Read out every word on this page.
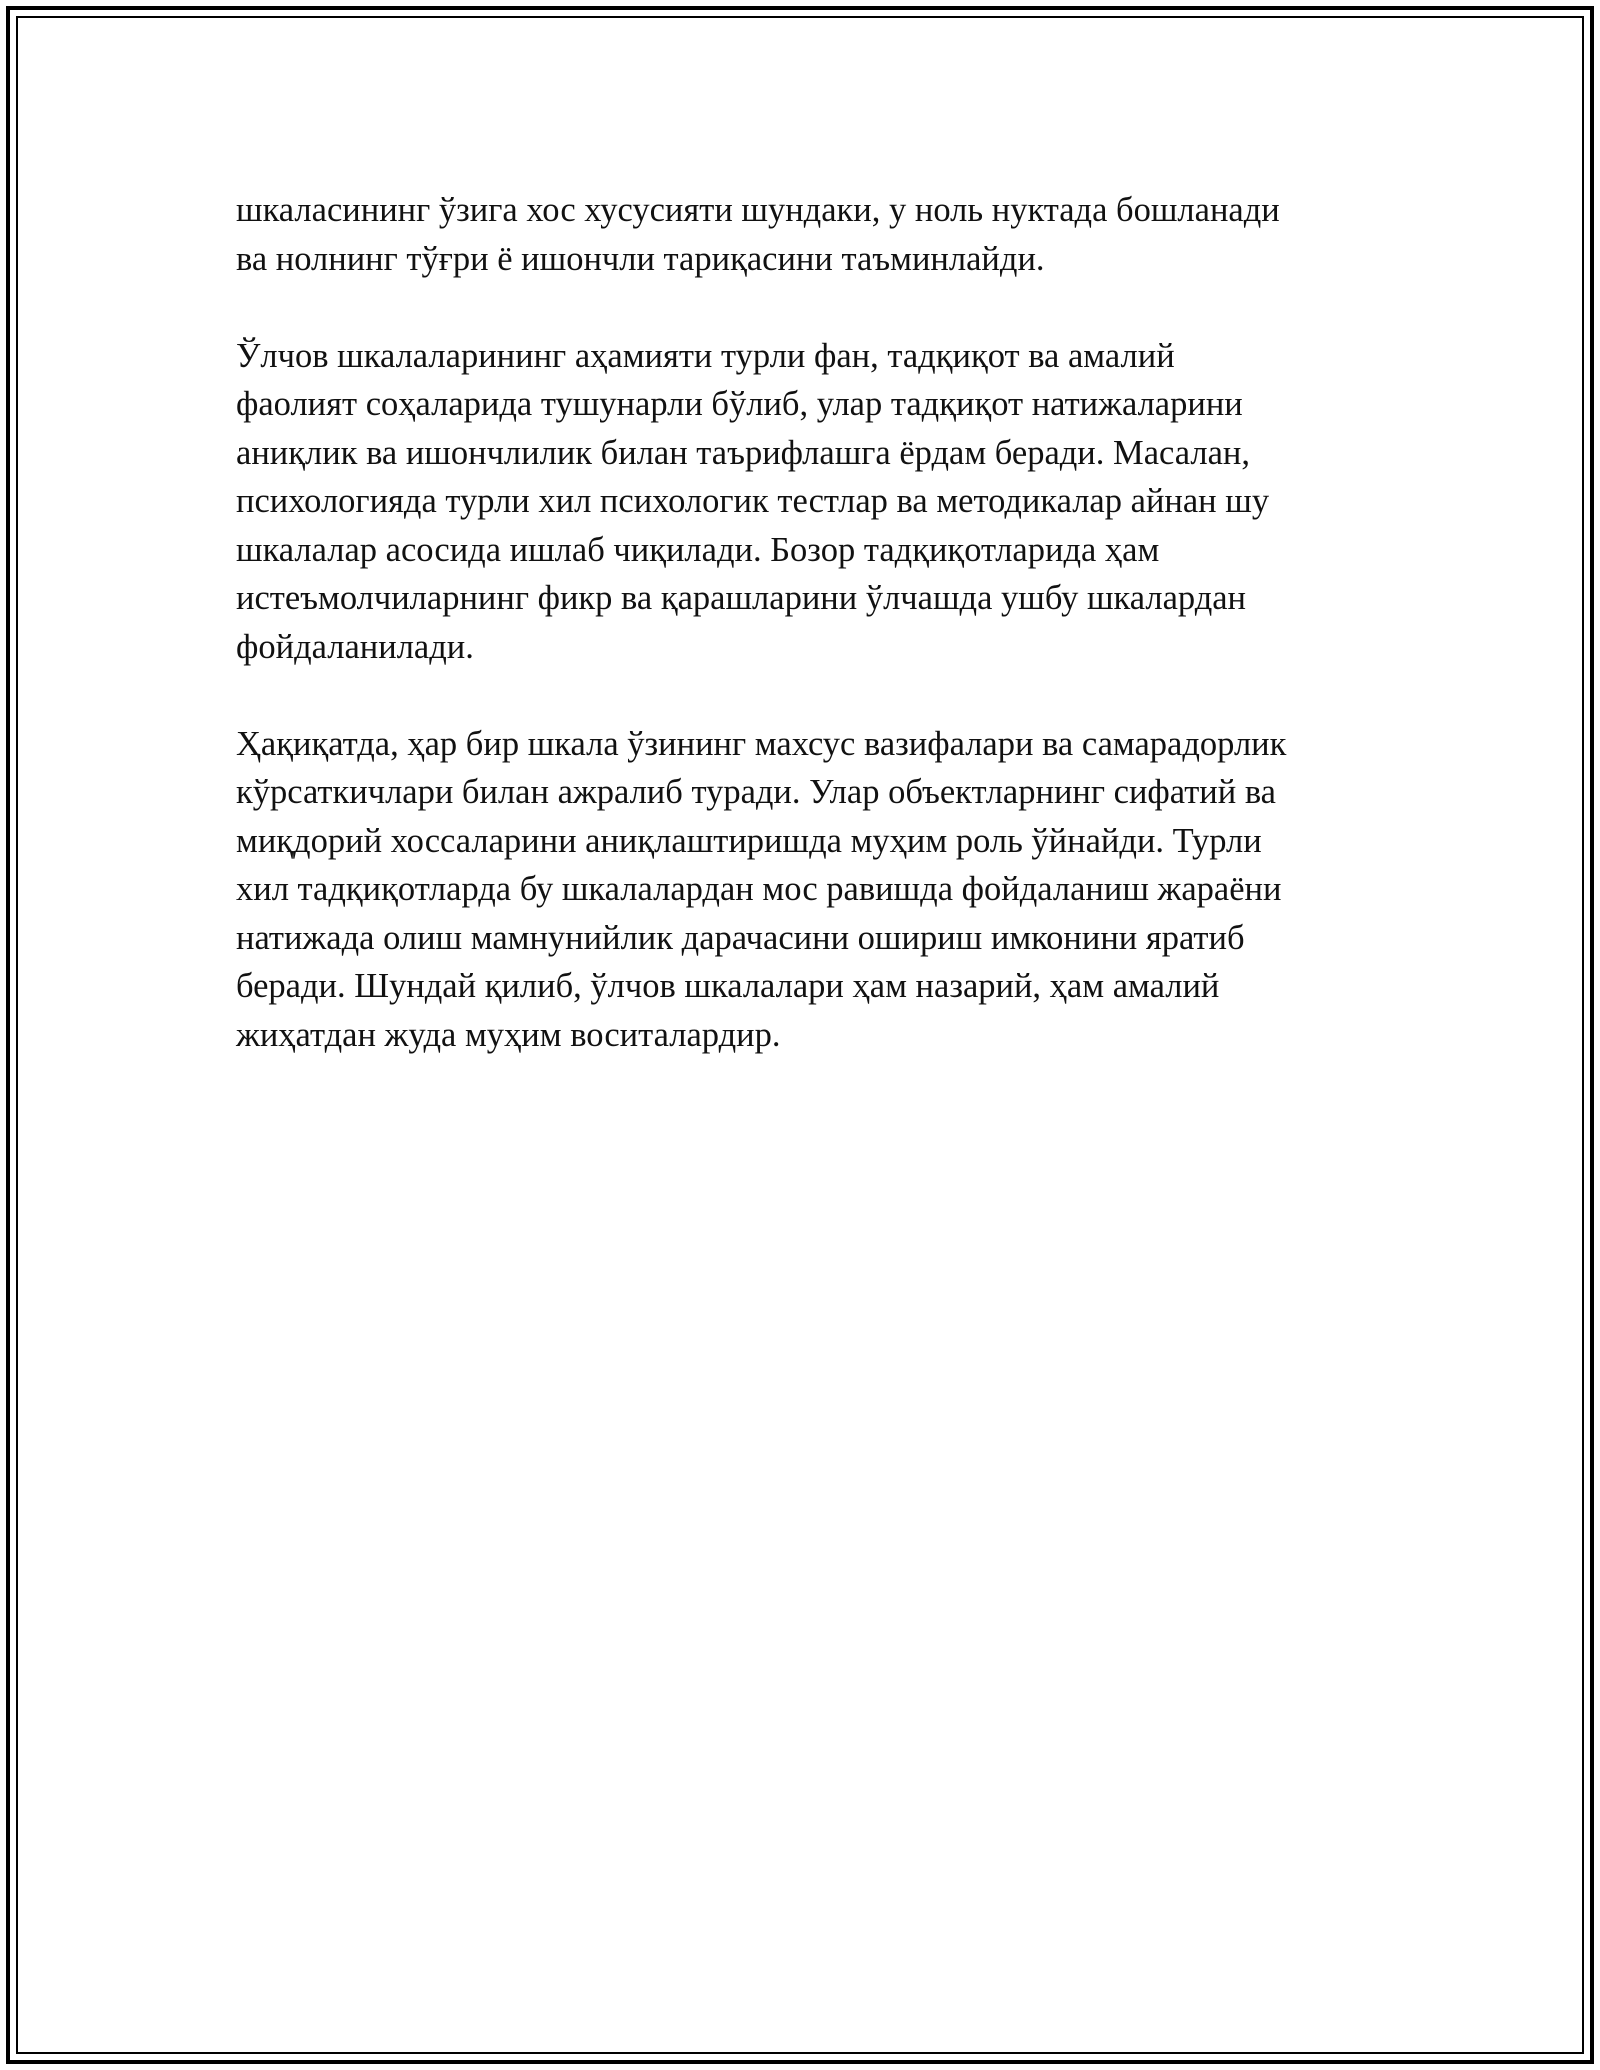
шкаласининг ўзига хос хусусияти шундаки, у ноль нуктада бошланади
ва нолнинг тўғри ё ишончли тариқасини таъминлайди.

Ўлчов шкалаларининг аҳамияти турли фан, тадқиқот ва амалий
фаолият соҳаларида тушунарли бўлиб, улар тадқиқот натижаларини
аниқлик ва ишончлилик билан таърифлашга ёрдам беради. Масалан,
психологияда турли хил психологик тестлар ва методикалар айнан шу
шкалалар асосида ишлаб чиқилади. Бозор тадқиқотларида ҳам
истеъмолчиларнинг фикр ва қарашларини ўлчашда ушбу шкалардан
фойдаланилади.

Ҳақиқатда, ҳар бир шкала ўзининг махсус вазифалари ва самарадорлик
кўрсаткичлари билан ажралиб туради. Улар объектларнинг сифатий ва
миқдорий хоссаларини аниқлаштиришда муҳим роль ўйнайди. Турли
хил тадқиқотларда бу шкалалардан мос равишда фойдаланиш жараёни
натижада олиш мамнунийлик дарачасини ошириш имконини яратиб
беради. Шундай қилиб, ўлчов шкалалари ҳам назарий, ҳам амалий
жиҳатдан жуда муҳим воситалардир.
